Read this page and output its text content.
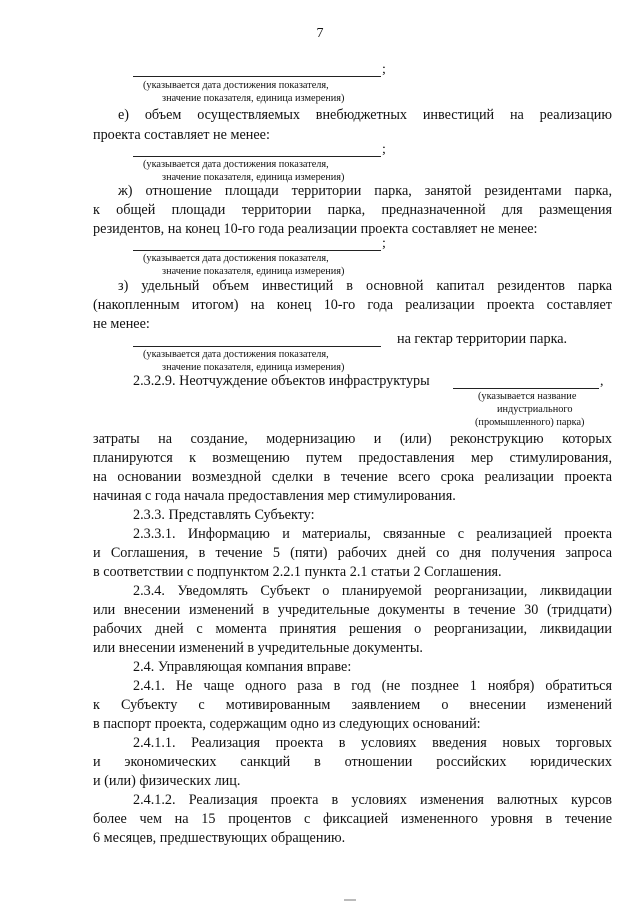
7
;
(указывается дата достижения показателя,
значение показателя, единица измерения)
е) объем осуществляемых внебюджетных инвестиций на реализацию
проекта составляет не менее:
;
(указывается дата достижения показателя,
значение показателя, единица измерения)
ж) отношение площади территории парка, занятой резидентами парка,
к общей площади территории парка, предназначенной для размещения
резидентов, на конец 10-го года реализации проекта составляет не менее:
;
(указывается дата достижения показателя,
значение показателя, единица измерения)
з) удельный объем инвестиций в основной капитал резидентов парка
(накопленным итогом) на конец 10-го года реализации проекта составляет
не менее:
на гектар территории парка.
(указывается дата достижения показателя,
значение показателя, единица измерения)
2.3.2.9. Неотчуждение объектов инфраструктуры	,
(указывается название
индустриального
(промышленного) парка)
затраты на создание, модернизацию и (или) реконструкцию которых
планируются к возмещению путем предоставления мер стимулирования,
на основании возмездной сделки в течение всего срока реализации проекта
начиная с года начала предоставления мер стимулирования.
2.3.3. Представлять Субъекту:
2.3.3.1. Информацию и материалы, связанные с реализацией проекта
и Соглашения, в течение 5 (пяти) рабочих дней со дня получения запроса
в соответствии с подпунктом 2.2.1 пункта 2.1 статьи 2 Соглашения.
2.3.4. Уведомлять Субъект о планируемой реорганизации, ликвидации
или внесении изменений в учредительные документы в течение 30 (тридцати)
рабочих дней с момента принятия решения о реорганизации, ликвидации
или внесении изменений в учредительные документы.
2.4. Управляющая компания вправе:
2.4.1. Не чаще одного раза в год (не позднее 1 ноября) обратиться
к Субъекту с мотивированным заявлением о внесении изменений
в паспорт проекта, содержащим одно из следующих оснований:
2.4.1.1. Реализация проекта в условиях введения новых торговых
и экономических санкций в отношении российских юридических
и (или) физических лиц.
2.4.1.2. Реализация проекта в условиях изменения валютных курсов
более чем на 15 процентов с фиксацией измененного уровня в течение
6 месяцев, предшествующих обращению.
